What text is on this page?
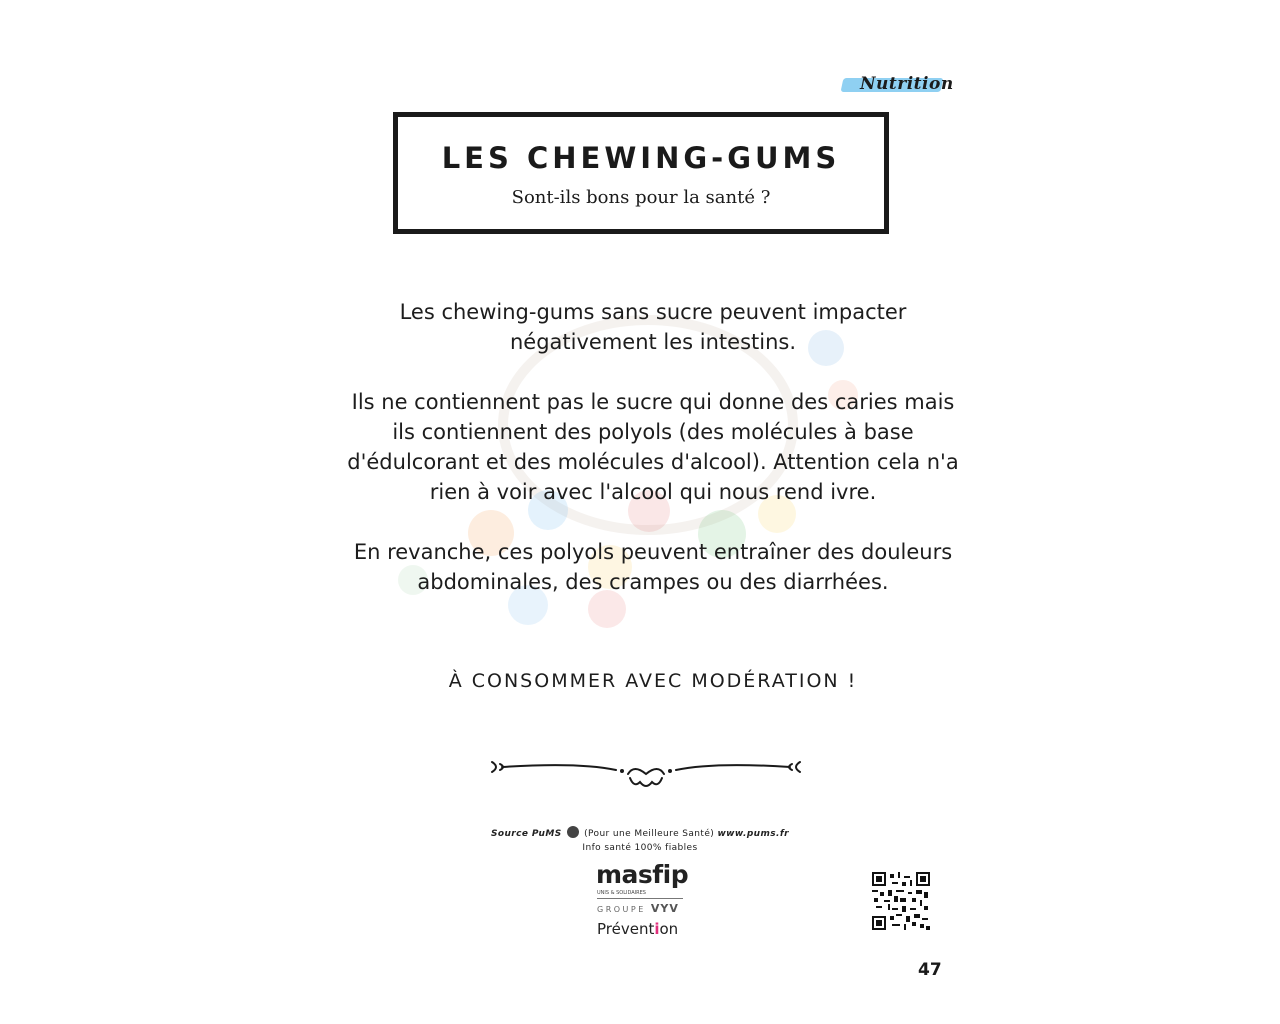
Nutrition
LES CHEWING-GUMS
Sont-ils bons pour la santé ?

Les chewing-gums sans sucre peuvent impacter négativement les intestins.

Ils ne contiennent pas le sucre qui donne des caries mais ils contiennent des polyols (des molécules à base d'édulcorant et des molécules d'alcool). Attention cela n'a rien à voir avec l'alcool qui nous rend ivre.

En revanche, ces polyols peuvent entraîner des douleurs abdominales, des crampes ou des diarrhées.

À CONSOMMER AVEC MODÉRATION !
Source PuMS	(Pour une Meilleure Santé) www.pums.fr
Info santé 100% fiables
masfip
UNIS & SOLIDAIRES
GROUPE VYV
Prévention
47
